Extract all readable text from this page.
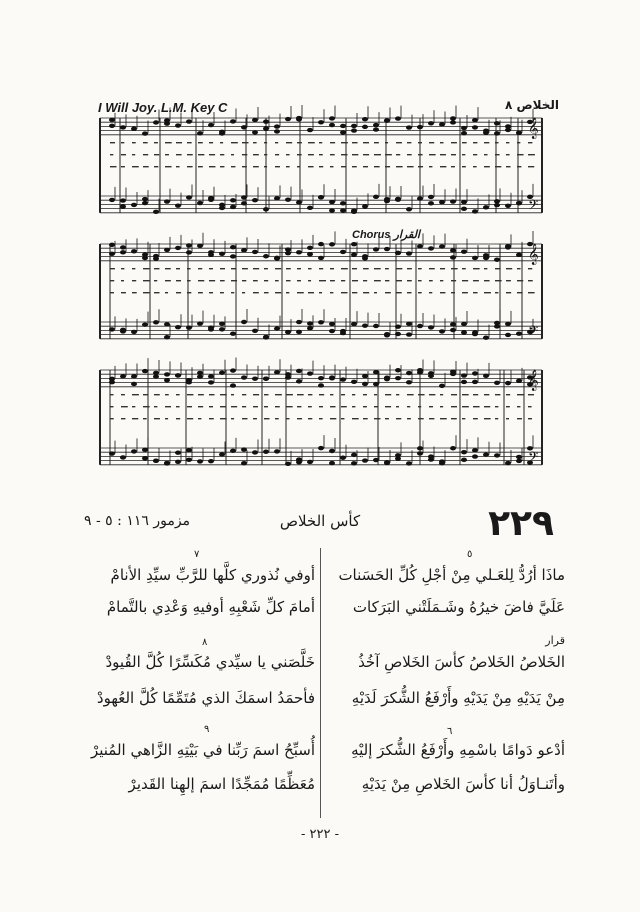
I Will Joy. L.M. Key C	الخلاص ٨
Chorus القرار
𝄞
𝄢
𝄞
𝄢
𝄞
𝄢
٢٢٩
كأس الخلاص
مزمور ١١٦ : ٥ - ٩
ماذَا أرُدُّ لِلعَـلي مِنْ أجْلِ كُلِّ الحَسَنات
عَلَيَّ فاضَ خيرُهُ وشَـمَلَتْني البَرَكات
قرار
الخَلاصُ الخَلاصُ كأسَ الخَلاصِ آخُذُ
مِنْ يَدَيْهِ مِنْ يَدَيْهِ وأَرْفَعُ الشُّكرَ لَدَيْهِ
أدْعو دَوامًا باسْمِهِ وأَرْفَعُ الشُّكرَ إليْهِ
وأتَنـاوَلُ أنا كأسَ الخَلاصِ مِنْ يَدَيْهِ
أوفي نُذوري كلَّها للرَّبِّ سيِّدِ الأنامْ
أمامَ كلِّ شَعْبِهِ أوفيهِ وَعْدِي بالتَّمامْ
خَلَّصَني يا سيِّدي مُكَسِّرًا كُلَّ القُيودْ
فأحمَدُ اسمَكَ الذي مُتَمِّمًا كُلَّ العُهودْ
أُسبِّحُ اسمَ رَبِّنا في بَيْتِهِ الزَّاهي المُنيرْ
مُعَظِّمًا مُمَجِّدًا اسمَ إلهِنا القَديرْ
٥
٦
٧
٨
٩
- ٢٢٢ -
